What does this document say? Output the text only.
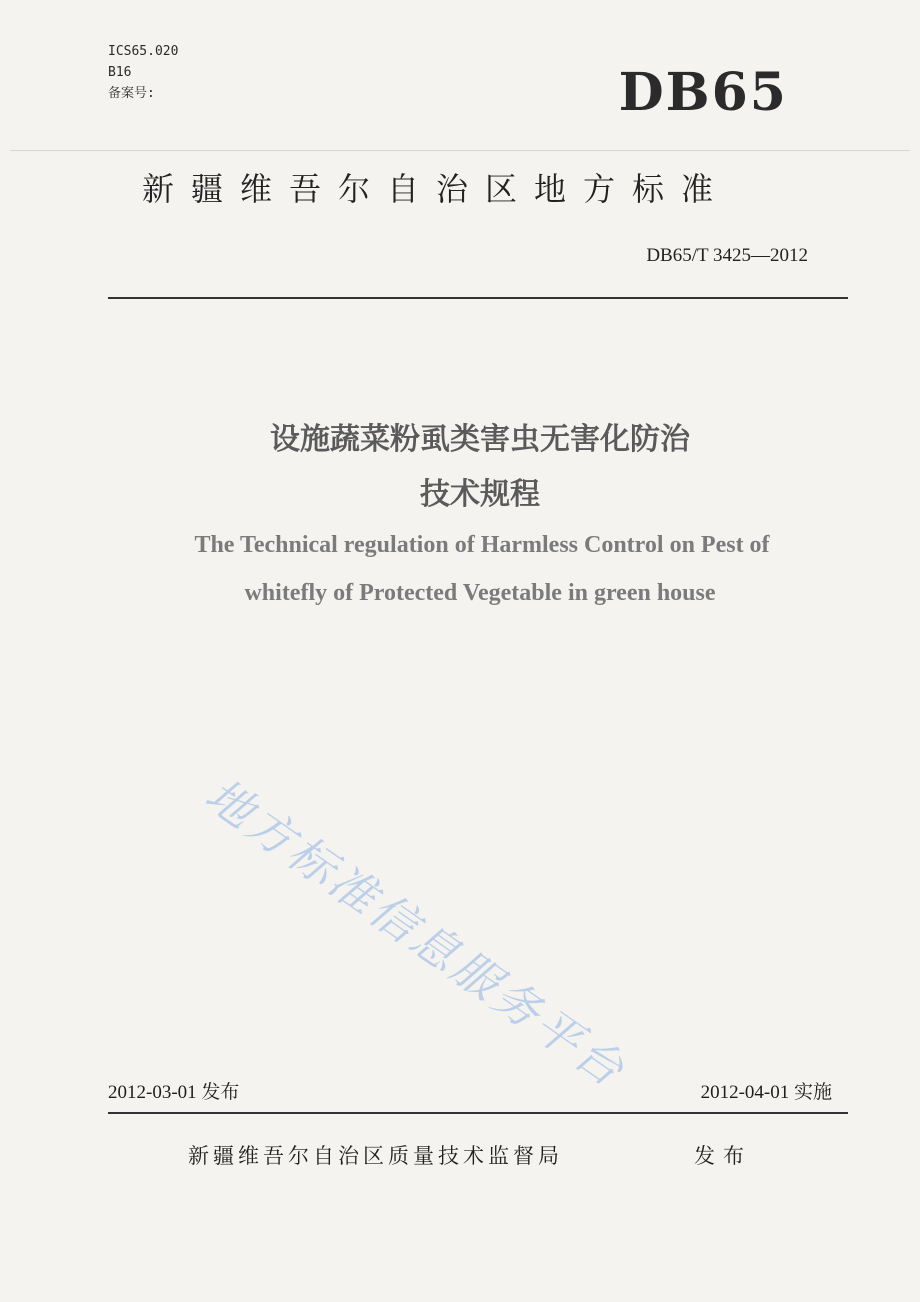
ICS65.020
B16
备案号:	DB65
新疆维吾尔自治区地方标准
DB65/T 3425—2012
设施蔬菜粉虱类害虫无害化防治
技术规程
The Technical regulation of Harmless Control on Pest of
whitefly of Protected Vegetable in green house
地方标准信息服务平台
2012-03-01 发布	2012-04-01 实施
新疆维吾尔自治区质量技术监督局	发布
